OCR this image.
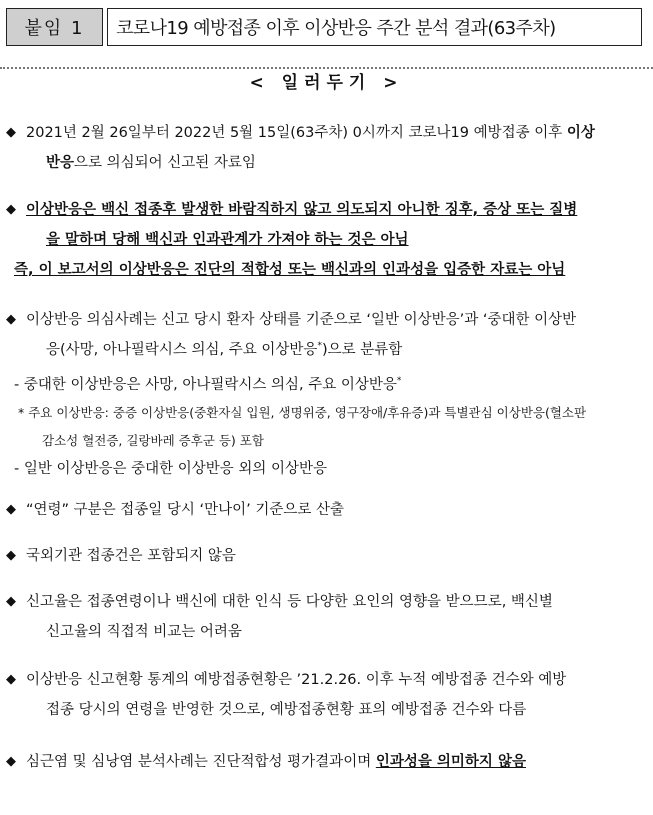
붙임 1	코로나19 예방접종 이후 이상반응 주간 분석 결과(63주차)
< 일러두기 >
◆ 2021년 2월 26일부터 2022년 5월 15일(63주차) 0시까지 코로나19 예방접종 이후 이상
반응으로 의심되어 신고된 자료임
◆ 이상반응은 백신 접종후 발생한 바람직하지 않고 의도되지 아니한 징후, 증상 또는 질병
을 말하며 당해 백신과 인과관계가 가져야 하는 것은 아님
즉, 이 보고서의 이상반응은 진단의 적합성 또는 백신과의 인과성을 입증한 자료는 아님
◆ 이상반응 의심사례는 신고 당시 환자 상태를 기준으로 ‘일반 이상반응’과 ‘중대한 이상반
응(사망, 아나필락시스 의심, 주요 이상반응*)으로 분류함
- 중대한 이상반응은 사망, 아나필락시스 의심, 주요 이상반응*
* 주요 이상반응: 중증 이상반응(중환자실 입원, 생명위중, 영구장애/후유증)과 특별관심 이상반응(혈소판
감소성 혈전증, 길랑바레 증후군 등) 포함
- 일반 이상반응은 중대한 이상반응 외의 이상반응
◆ “연령” 구분은 접종일 당시 ‘만나이’ 기준으로 산출
◆ 국외기관 접종건은 포함되지 않음
◆ 신고율은 접종연령이나 백신에 대한 인식 등 다양한 요인의 영향을 받으므로, 백신별
신고율의 직접적 비교는 어려움
◆ 이상반응 신고현황 통계의 예방접종현황은 ’21.2.26. 이후 누적 예방접종 건수와 예방
접종 당시의 연령을 반영한 것으로, 예방접종현황 표의 예방접종 건수와 다름
◆ 심근염 및 심낭염 분석사례는 진단적합성 평가결과이며 인과성을 의미하지 않음
